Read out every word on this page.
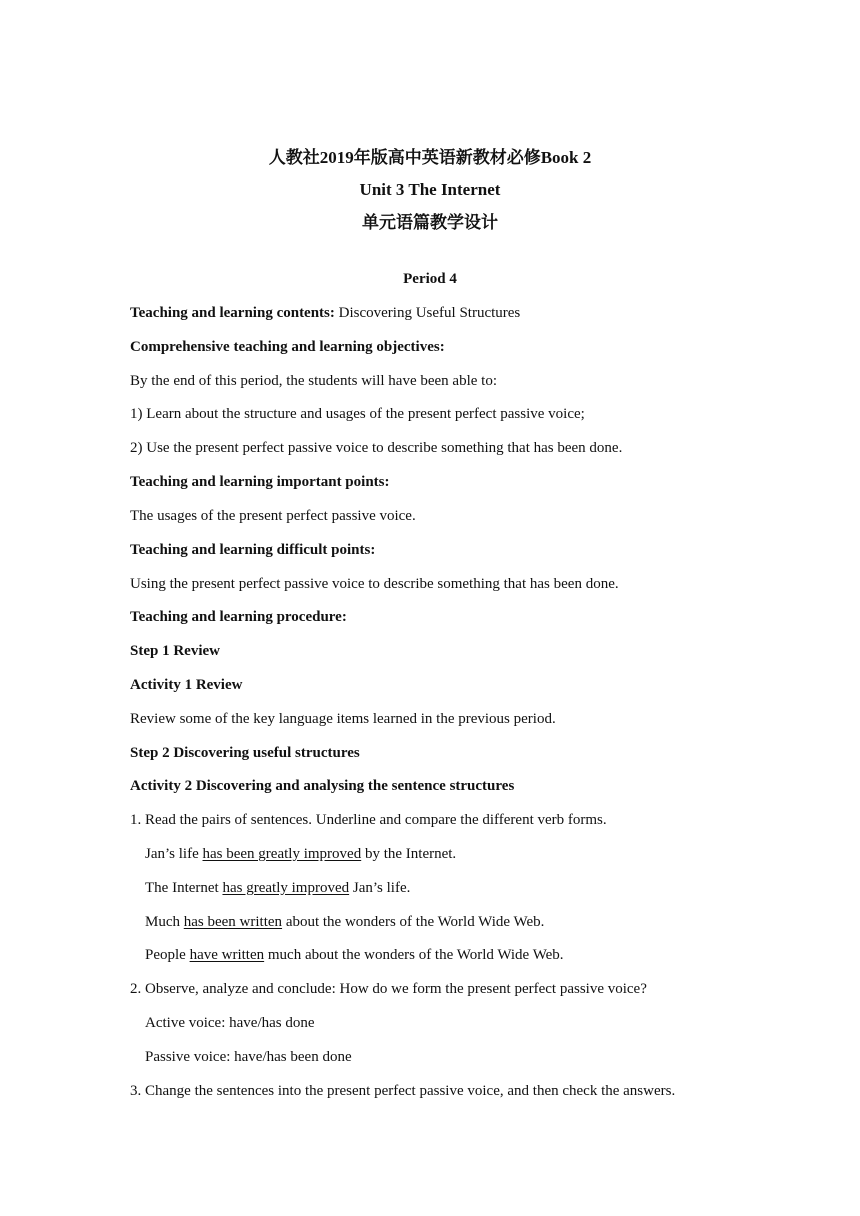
人教社2019年版高中英语新教材必修Book 2

Unit 3 The Internet

单元语篇教学设计

Period 4

Teaching and learning contents: Discovering Useful Structures

Comprehensive teaching and learning objectives:

By the end of this period, the students will have been able to:

1) Learn about the structure and usages of the present perfect passive voice;

2) Use the present perfect passive voice to describe something that has been done.

Teaching and learning important points:

The usages of the present perfect passive voice.

Teaching and learning difficult points:

Using the present perfect passive voice to describe something that has been done.

Teaching and learning procedure:

Step 1 Review

Activity 1 Review

Review some of the key language items learned in the previous period.

Step 2 Discovering useful structures

Activity 2 Discovering and analysing the sentence structures

1. Read the pairs of sentences. Underline and compare the different verb forms.

Jan’s life has been greatly improved by the Internet.

The Internet has greatly improved Jan’s life.

Much has been written about the wonders of the World Wide Web.

People have written much about the wonders of the World Wide Web.

2. Observe, analyze and conclude: How do we form the present perfect passive voice?

Active voice: have/has done

Passive voice: have/has been done

3. Change the sentences into the present perfect passive voice, and then check the answers.
